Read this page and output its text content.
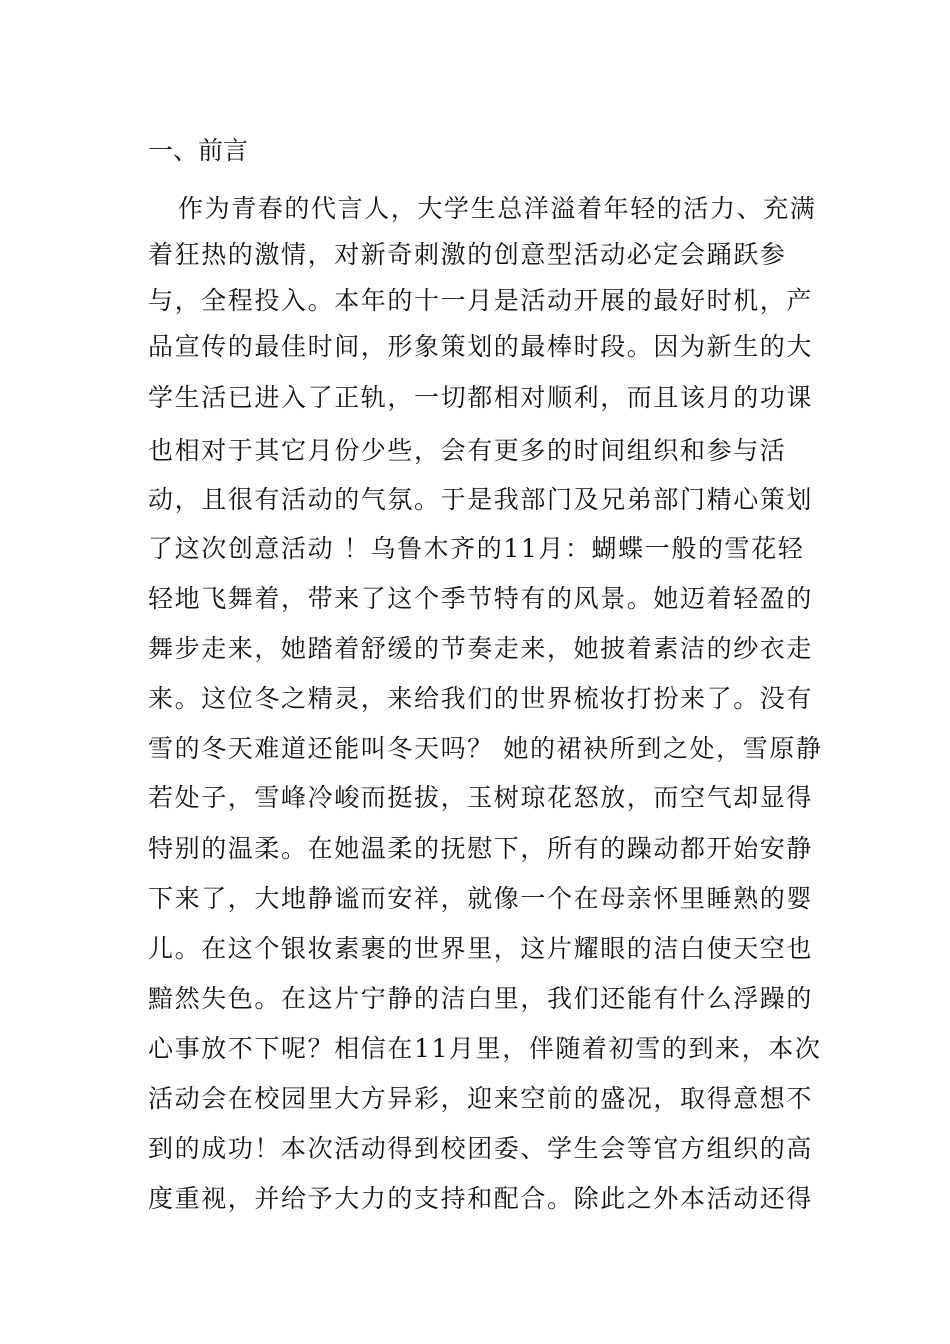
一、前言
作为青春的代言人，大学生总洋溢着年轻的活力、充满
着狂热的激情，对新奇刺激的创意型活动必定会踊跃参
与，全程投入。本年的十一月是活动开展的最好时机，产
品宣传的最佳时间，形象策划的最棒时段。因为新生的大
学生活已进入了正轨，一切都相对顺利，而且该月的功课
也相对于其它月份少些，会有更多的时间组织和参与活
动，且很有活动的气氛。于是我部门及兄弟部门精心策划
了这次创意活动 ！乌鲁木齐的11月：蝴蝶一般的雪花轻
轻地飞舞着，带来了这个季节特有的风景。她迈着轻盈的
舞步走来，她踏着舒缓的节奏走来，她披着素洁的纱衣走
来。这位冬之精灵，来给我们的世界梳妆打扮来了。没有
雪的冬天难道还能叫冬天吗？ 她的裙袂所到之处，雪原静
若处子，雪峰冷峻而挺拔，玉树琼花怒放，而空气却显得
特别的温柔。在她温柔的抚慰下，所有的躁动都开始安静
下来了，大地静谧而安祥，就像一个在母亲怀里睡熟的婴
儿。在这个银妆素裹的世界里，这片耀眼的洁白使天空也
黯然失色。在这片宁静的洁白里，我们还能有什么浮躁的
心事放不下呢？相信在11月里，伴随着初雪的到来，本次
活动会在校园里大方异彩，迎来空前的盛况，取得意想不
到的成功！本次活动得到校团委、学生会等官方组织的高
度重视，并给予大力的支持和配合。除此之外本活动还得
